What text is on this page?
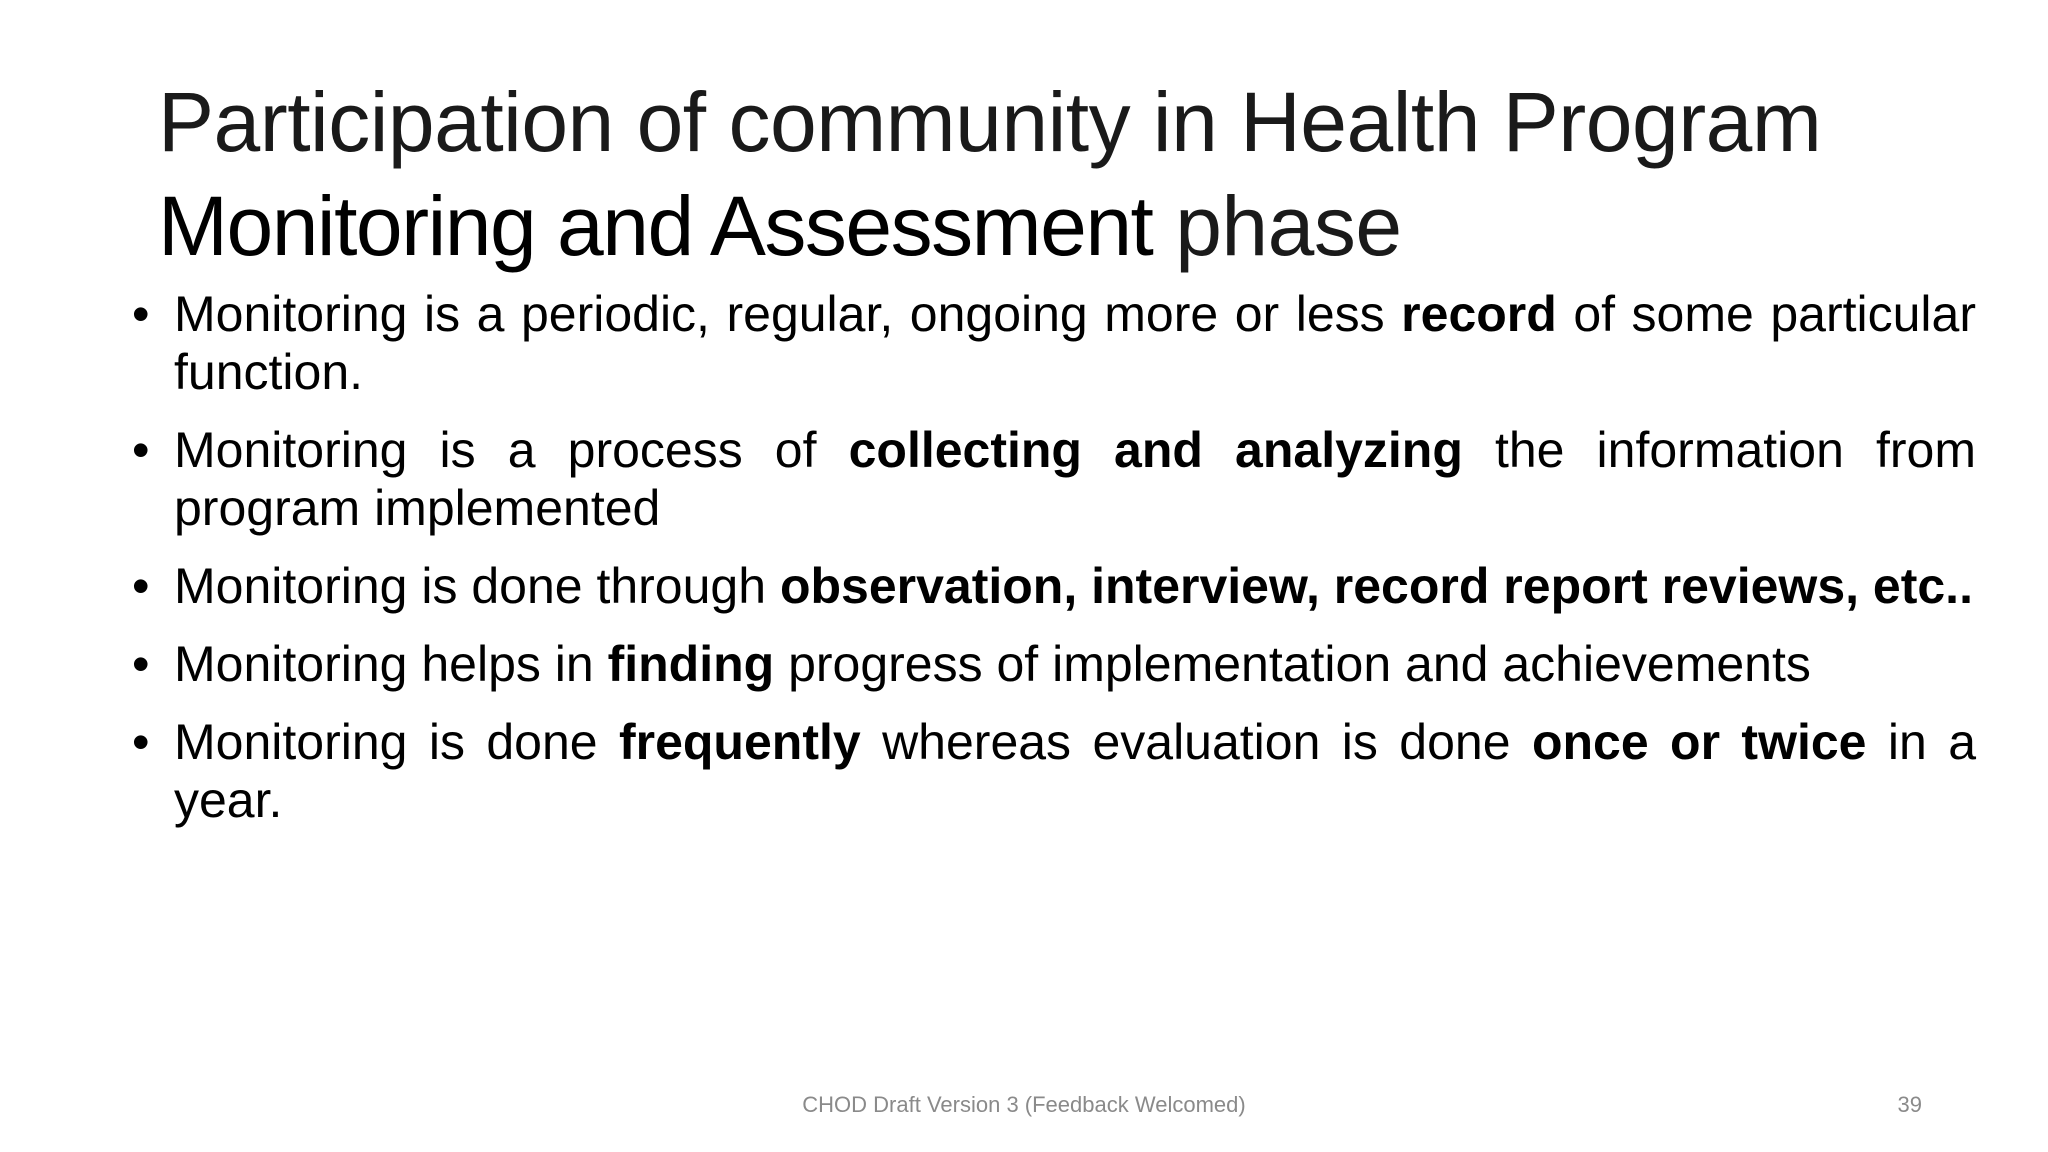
Participation of community in Health Program
Monitoring and Assessment phase
• Monitoring is a periodic, regular, ongoing more or less record of some particular function.
• Monitoring is a process of collecting and analyzing the information from program implemented
• Monitoring is done through observation, interview, record report reviews, etc..
• Monitoring helps in finding progress of implementation and achievements
• Monitoring is done frequently whereas evaluation is done once or twice in a year.
CHOD Draft Version 3 (Feedback Welcomed)	39
